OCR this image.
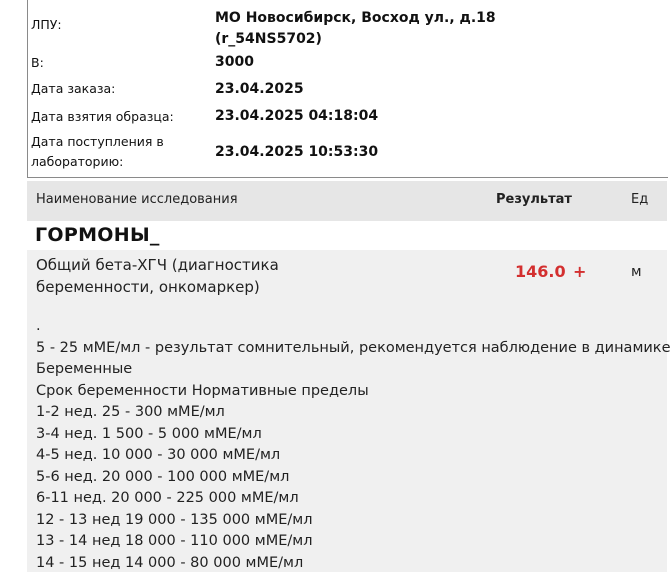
ЛПУ:	МО Новосибирск, Восход ул., д.18
(r_54NS5702)
В:	3000
Дата заказа:	23.04.2025
Дата взятия образца:	23.04.2025 04:18:04
Дата поступления в
лабораторию:
23.04.2025 10:53:30
Наименование исследования	Результат	Ед
ГОРМОНЫ_
Общий бета-ХГЧ (диагностика
беременности, онкомаркер)
146.0 +	м
.
5 - 25 мМЕ/мл - результат сомнительный, рекомендуется наблюдение в динамике
Беременные
Срок беременности Нормативные пределы
1-2 нед. 25 - 300 мМЕ/мл
3-4 нед. 1 500 - 5 000 мМЕ/мл
4-5 нед. 10 000 - 30 000 мМЕ/мл
5-6 нед. 20 000 - 100 000 мМЕ/мл
6-11 нед. 20 000 - 225 000 мМЕ/мл
12 - 13 нед 19 000 - 135 000 мМЕ/мл
13 - 14 нед 18 000 - 110 000 мМЕ/мл
14 - 15 нед 14 000 - 80 000 мМЕ/мл
